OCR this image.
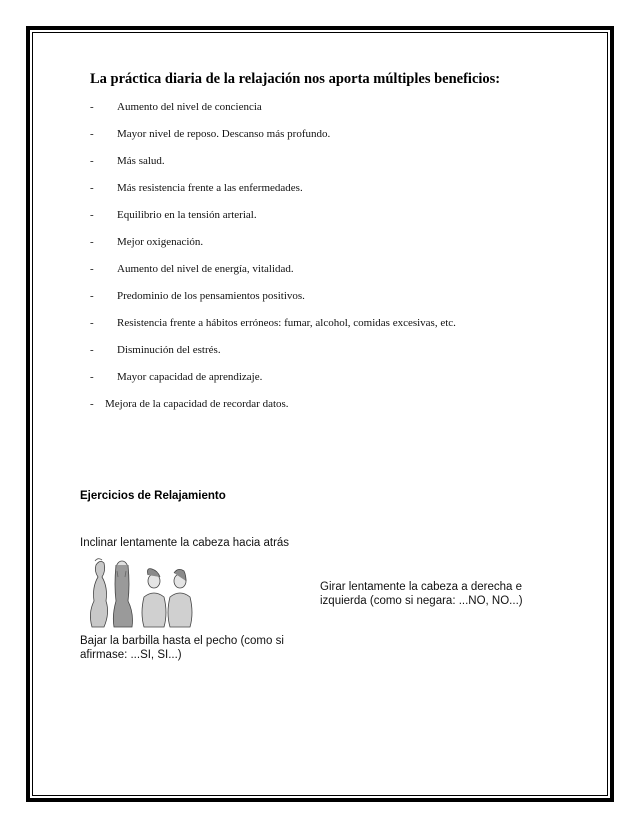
La práctica diaria de la relajación nos aporta múltiples beneficios:
- Aumento del nivel de conciencia
- Mayor nivel de reposo. Descanso más profundo.
- Más salud.
- Más resistencia frente a las enfermedades.
- Equilibrio en la tensión arterial.
- Mejor oxigenación.
- Aumento del nivel de energía, vitalidad.
- Predominio de los pensamientos positivos.
- Resistencia frente a hábitos erróneos: fumar, alcohol, comidas excesivas, etc.
- Disminución del estrés.
- Mayor capacidad de aprendizaje.
- Mejora de la capacidad de recordar datos.
Ejercicios de Relajamiento
Inclinar lentamente la cabeza hacia atrás
Girar lentamente la cabeza a derecha e izquierda (como si negara: ...NO, NO...)
Bajar la barbilla hasta el pecho (como si afirmase: ...SI, SI...)
